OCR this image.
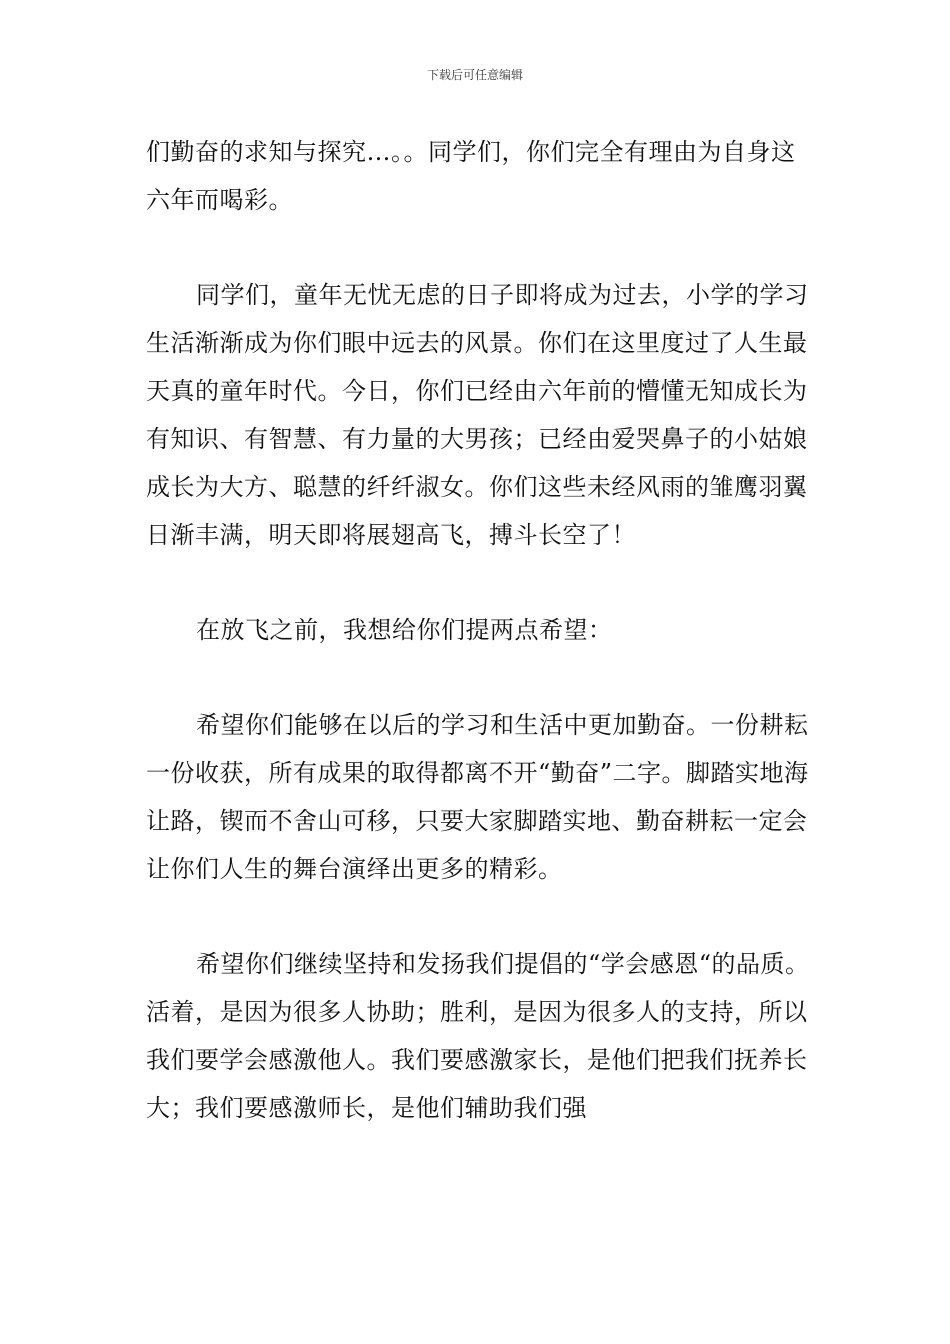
下载后可任意编辑

们勤奋的求知与探究…。。同学们，你们完全有理由为自身这六年而喝彩。

同学们，童年无忧无虑的日子即将成为过去，小学的学习生活渐渐成为你们眼中远去的风景。你们在这里度过了人生最天真的童年时代。今日，你们已经由六年前的懵懂无知成长为有知识、有智慧、有力量的大男孩；已经由爱哭鼻子的小姑娘成长为大方、聪慧的纤纤淑女。你们这些未经风雨的雏鹰羽翼日渐丰满，明天即将展翅高飞，搏斗长空了！

在放飞之前，我想给你们提两点希望：

希望你们能够在以后的学习和生活中更加勤奋。一份耕耘一份收获，所有成果的取得都离不开“勤奋”二字。脚踏实地海让路，锲而不舍山可移，只要大家脚踏实地、勤奋耕耘一定会让你们人生的舞台演绎出更多的精彩。

希望你们继续坚持和发扬我们提倡的“学会感恩“的品质。活着，是因为很多人协助；胜利，是因为很多人的支持，所以我们要学会感激他人。我们要感激家长，是他们把我们抚养长大；我们要感激师长，是他们辅助我们强
